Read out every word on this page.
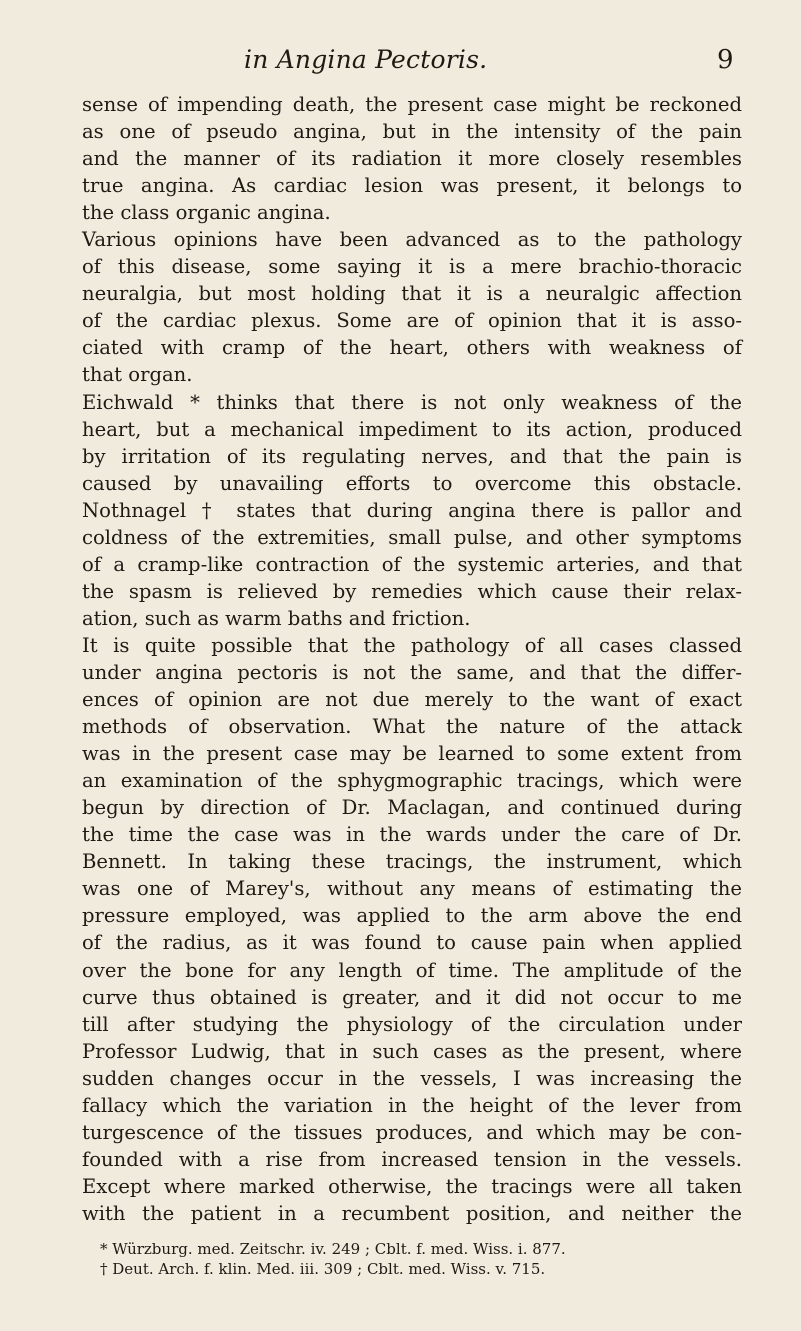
in Angina Pectoris.	9
sense of impending death, the present case might be reckoned
as one of pseudo angina, but in the intensity of the pain
and the manner of its radiation it more closely resembles
true angina. As cardiac lesion was present, it belongs to
the class organic angina.
Various opinions have been advanced as to the pathology
of this disease, some saying it is a mere brachio-thoracic
neuralgia, but most holding that it is a neuralgic affection
of the cardiac plexus. Some are of opinion that it is asso-
ciated with cramp of the heart, others with weakness of
that organ.
Eichwald * thinks that there is not only weakness of the
heart, but a mechanical impediment to its action, produced
by irritation of its regulating nerves, and that the pain is
caused by unavailing efforts to overcome this obstacle.
Nothnagel † states that during angina there is pallor and
coldness of the extremities, small pulse, and other symptoms
of a cramp-like contraction of the systemic arteries, and that
the spasm is relieved by remedies which cause their relax-
ation, such as warm baths and friction.
It is quite possible that the pathology of all cases classed
under angina pectoris is not the same, and that the differ-
ences of opinion are not due merely to the want of exact
methods of observation. What the nature of the attack
was in the present case may be learned to some extent from
an examination of the sphygmographic tracings, which were
begun by direction of Dr. Maclagan, and continued during
the time the case was in the wards under the care of Dr.
Bennett. In taking these tracings, the instrument, which
was one of Marey's, without any means of estimating the
pressure employed, was applied to the arm above the end
of the radius, as it was found to cause pain when applied
over the bone for any length of time. The amplitude of the
curve thus obtained is greater, and it did not occur to me
till after studying the physiology of the circulation under
Professor Ludwig, that in such cases as the present, where
sudden changes occur in the vessels, I was increasing the
fallacy which the variation in the height of the lever from
turgescence of the tissues produces, and which may be con-
founded with a rise from increased tension in the vessels.
Except where marked otherwise, the tracings were all taken
with the patient in a recumbent position, and neither the
* Würzburg. med. Zeitschr. iv. 249 ; Cblt. f. med. Wiss. i. 877.
† Deut. Arch. f. klin. Med. iii. 309 ; Cblt. med. Wiss. v. 715.
